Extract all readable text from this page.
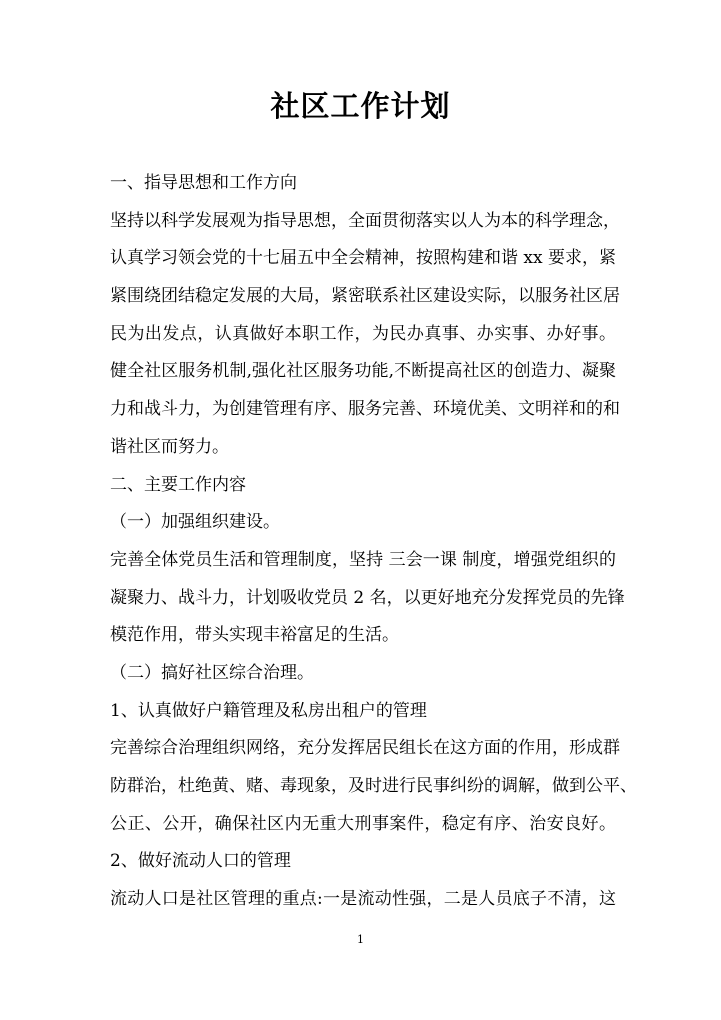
社区工作计划
一、指导思想和工作方向
坚持以科学发展观为指导思想，全面贯彻落实以人为本的科学理念，
认真学习领会党的十七届五中全会精神，按照构建和谐 xx 要求，紧
紧围绕团结稳定发展的大局，紧密联系社区建设实际，以服务社区居
民为出发点，认真做好本职工作，为民办真事、办实事、办好事。
健全社区服务机制,强化社区服务功能,不断提高社区的创造力、凝聚
力和战斗力，为创建管理有序、服务完善、环境优美、文明祥和的和
谐社区而努力。
二、主要工作内容
（一）加强组织建设。
完善全体党员生活和管理制度，坚持 三会一课 制度，增强党组织的
凝聚力、战斗力，计划吸收党员 2 名，以更好地充分发挥党员的先锋
模范作用，带头实现丰裕富足的生活。
（二）搞好社区综合治理。
1、认真做好户籍管理及私房出租户的管理
完善综合治理组织网络，充分发挥居民组长在这方面的作用，形成群
防群治，杜绝黄、赌、毒现象，及时进行民事纠纷的调解，做到公平、
公正、公开，确保社区内无重大刑事案件，稳定有序、治安良好。
2、做好流动人口的管理
流动人口是社区管理的重点:一是流动性强，二是人员底子不清，这
1
